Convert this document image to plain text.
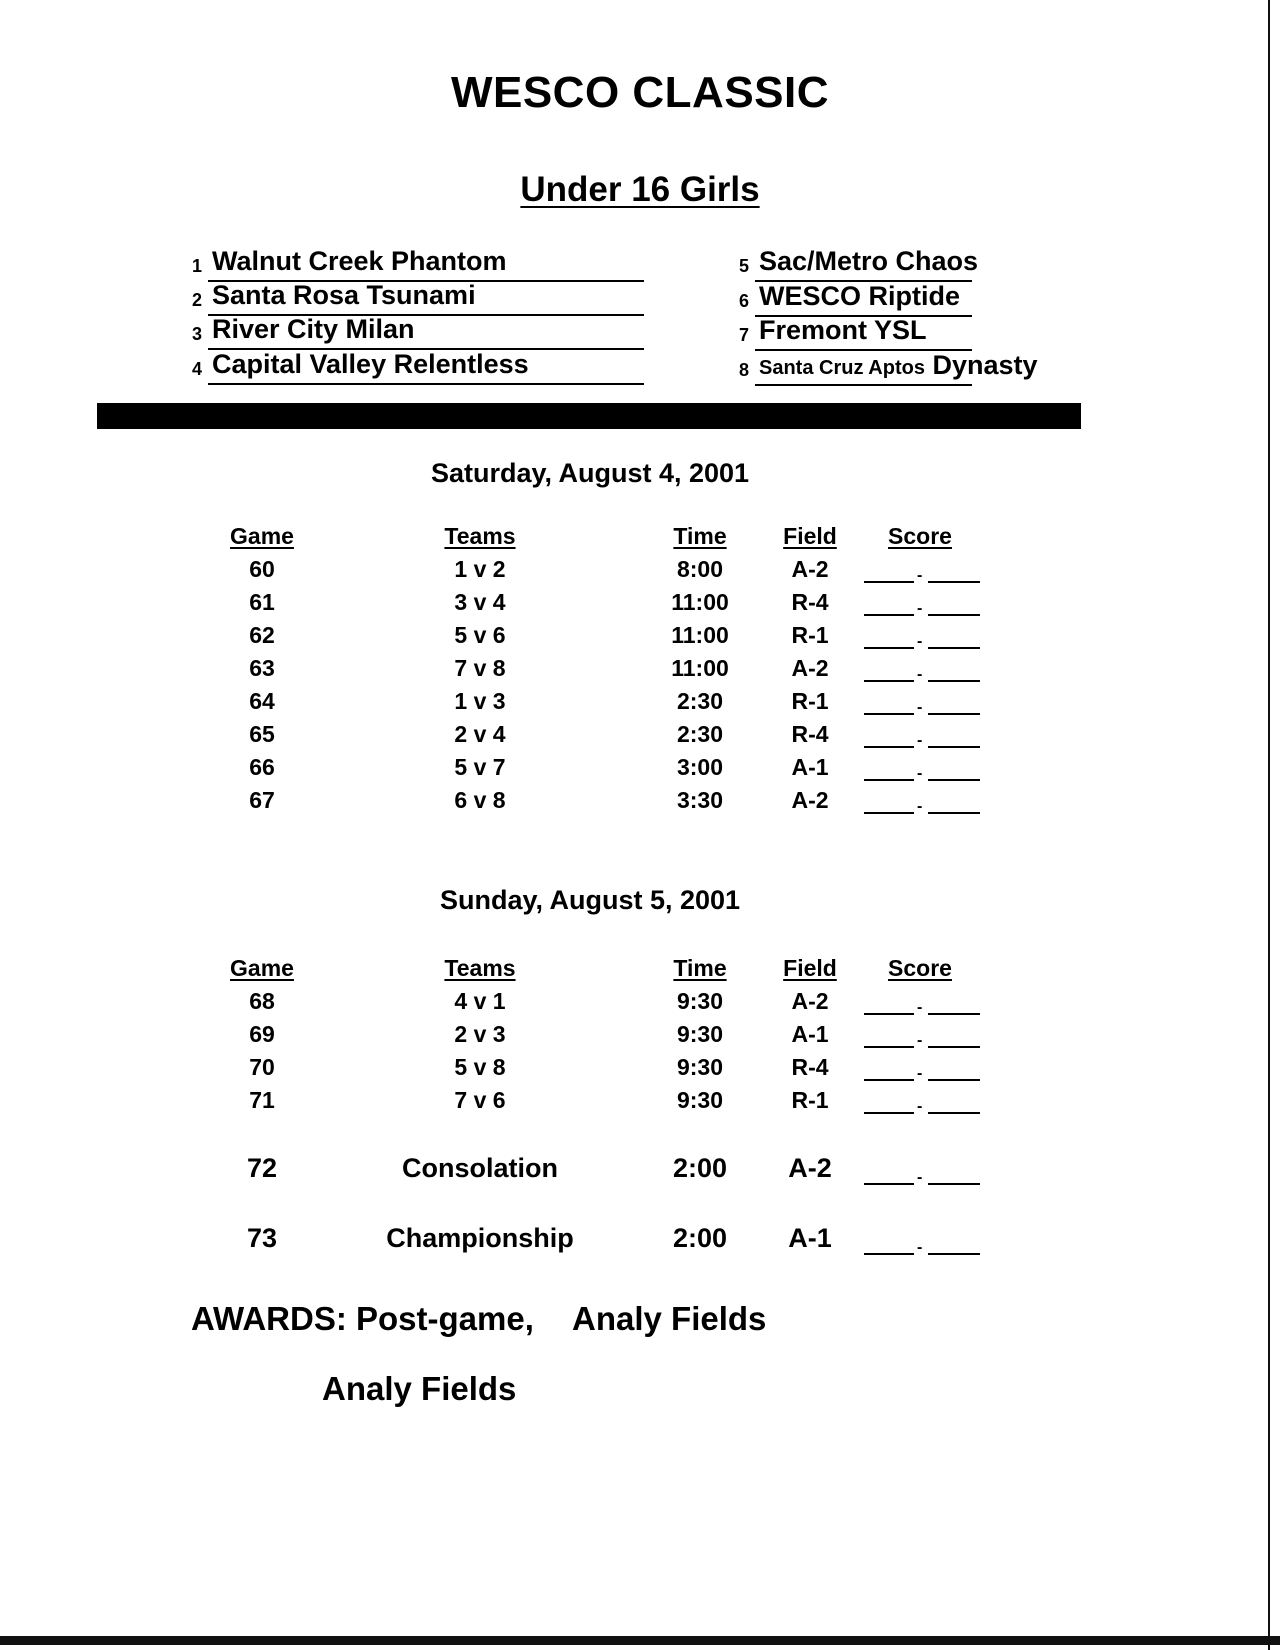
WESCO CLASSIC
Under 16 Girls
1 Walnut Creek Phantom
2 Santa Rosa Tsunami
3 River City Milan
4 Capital Valley Relentless
5 Sac/Metro Chaos
6 WESCO Riptide
7 Fremont YSL
8 Santa Cruz Aptos Dynasty
Saturday, August 4, 2001
Game	Teams	Time	Field	Score
60	1 v 2	8:00	A-2	-
61	3 v 4	11:00	R-4	-
62	5 v 6	11:00	R-1	-
63	7 v 8	11:00	A-2	-
64	1 v 3	2:30	R-1	-
65	2 v 4	2:30	R-4	-
66	5 v 7	3:00	A-1	-
67	6 v 8	3:30	A-2	-
Sunday, August 5, 2001
Game	Teams	Time	Field	Score
68	4 v 1	9:30	A-2	-
69	2 v 3	9:30	A-1	-
70	5 v 8	9:30	R-4	-
71	7 v 6	9:30	R-1	-
72	Consolation	2:00	A-2	-
73	Championship	2:00	A-1	-
AWARDS: Post-game, Analy Fields
Analy Fields
